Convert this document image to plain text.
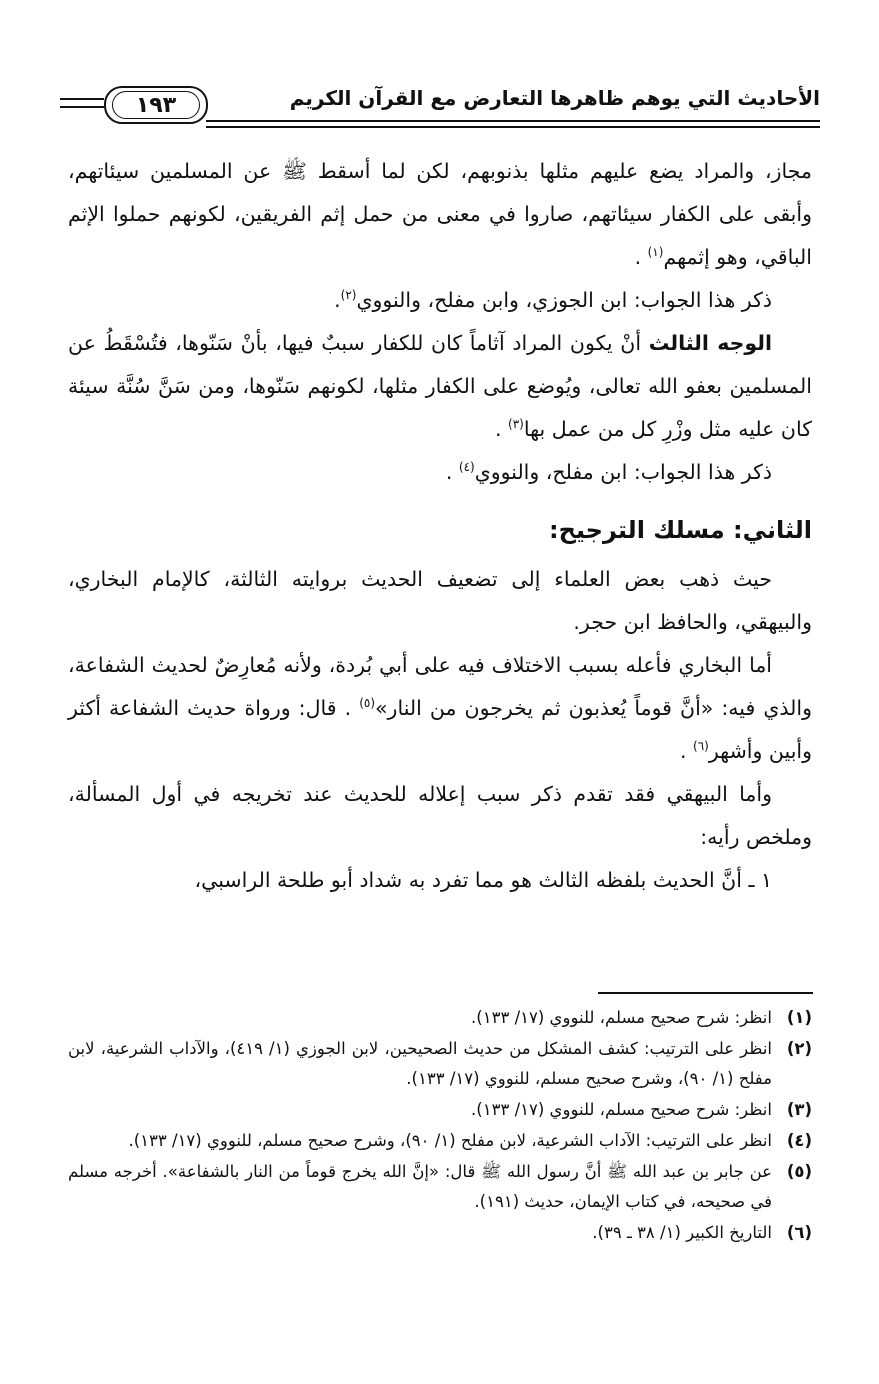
الأحاديث التي يوهم ظاهرها التعارض مع القرآن الكريم
١٩٣

مجاز، والمراد يضع عليهم مثلها بذنوبهم، لكن لما أسقط ﷺ عن المسلمين سيئاتهم، وأبقى على الكفار سيئاتهم، صاروا في معنى من حمل إثم الفريقين، لكونهم حملوا الإثم الباقي، وهو إثمهم$^{(١)}$ .

ذكر هذا الجواب: ابن الجوزي، وابن مفلح، والنووي$^{(٢)}$.

الوجه الثالث أنْ يكون المراد آثاماً كان للكفار سببٌ فيها، بأنْ سَنّوها، فتُسْقَطُ عن المسلمين بعفو الله تعالى، ويُوضع على الكفار مثلها، لكونهم سَنّوها، ومن سَنَّ سُنَّة سيئة كان عليه مثل وزْرِ كل من عمل بها$^{(٣)}$ .

ذكر هذا الجواب: ابن مفلح، والنووي$^{(٤)}$ .

الثاني: مسلك الترجيح:

حيث ذهب بعض العلماء إلى تضعيف الحديث بروايته الثالثة، كالإمام البخاري، والبيهقي، والحافظ ابن حجر.

أما البخاري فأعله بسبب الاختلاف فيه على أبي بُردة، ولأنه مُعارِضٌ لحديث الشفاعة، والذي فيه: «أنَّ قوماً يُعذبون ثم يخرجون من النار»$^{(٥)}$ . قال: ورواة حديث الشفاعة أكثر وأبين وأشهر$^{(٦)}$ .

وأما البيهقي فقد تقدم ذكر سبب إعلاله للحديث عند تخريجه في أول المسألة، وملخص رأيه:

١ ـ أنَّ الحديث بلفظه الثالث هو مما تفرد به شداد أبو طلحة الراسبي،

(١)
انظر: شرح صحيح مسلم، للنووي (١٧/ ١٣٣).
(٢)
انظر على الترتيب: كشف المشكل من حديث الصحيحين، لابن الجوزي (١/ ٤١٩)، والآداب الشرعية، لابن مفلح (١/ ٩٠)، وشرح صحيح مسلم، للنووي (١٧/ ١٣٣).
(٣)
انظر: شرح صحيح مسلم، للنووي (١٧/ ١٣٣).
(٤)
انظر على الترتيب: الآداب الشرعية، لابن مفلح (١/ ٩٠)، وشرح صحيح مسلم، للنووي (١٧/ ١٣٣).
(٥)
عن جابر بن عبد الله ﷺ أنَّ رسول الله ﷺ قال: «إنَّ الله يخرج قوماً من النار بالشفاعة». أخرجه مسلم في صحيحه، في كتاب الإيمان، حديث (١٩١).
(٦)
التاريخ الكبير (١/ ٣٨ ـ ٣٩).
